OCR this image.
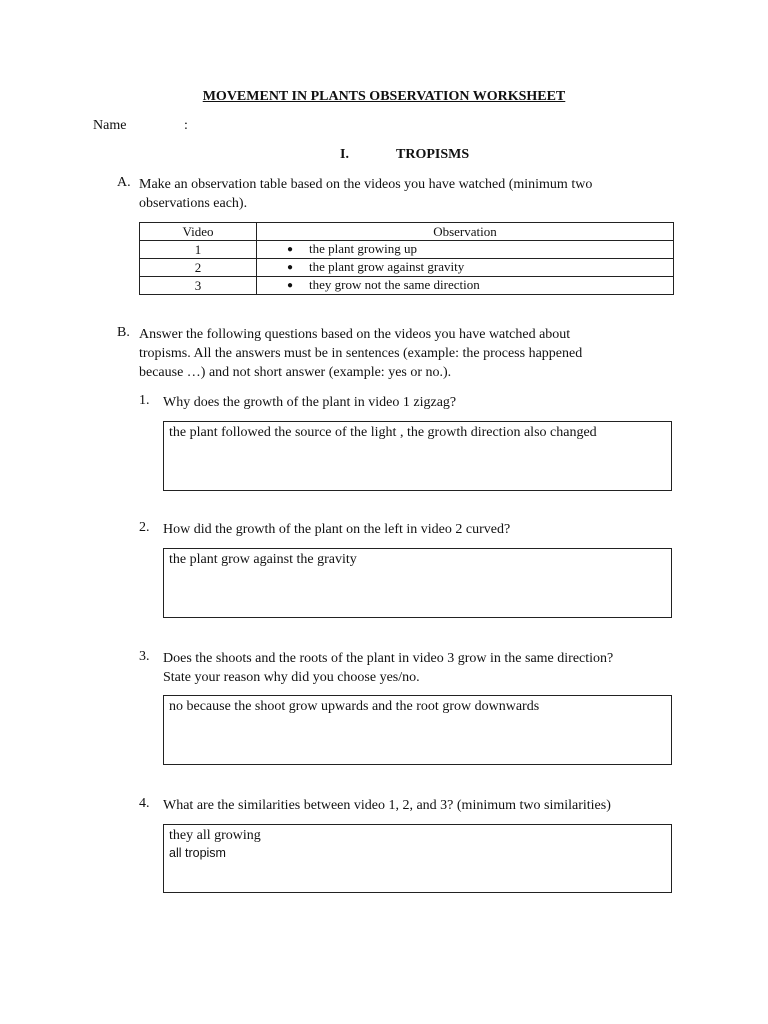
MOVEMENT IN PLANTS OBSERVATION WORKSHEET
Name	:
I.	TROPISMS
A. Make an observation table based on the videos you have watched (minimum two
observations each).
Video	Observation
1	● the plant growing up
2	● the plant grow against gravity
3	● they grow not the same direction
B. Answer the following questions based on the videos you have watched about
tropisms. All the answers must be in sentences (example: the process happened
because …) and not short answer (example: yes or no.).
1. Why does the growth of the plant in video 1 zigzag?
the plant followed the source of the light , the growth direction also changed
2. How did the growth of the plant on the left in video 2 curved?
the plant grow against the gravity
3. Does the shoots and the roots of the plant in video 3 grow in the same direction?
State your reason why did you choose yes/no.
no because the shoot grow upwards and the root grow downwards
4. What are the similarities between video 1, 2, and 3? (minimum two similarities)
they all growing
all tropism
